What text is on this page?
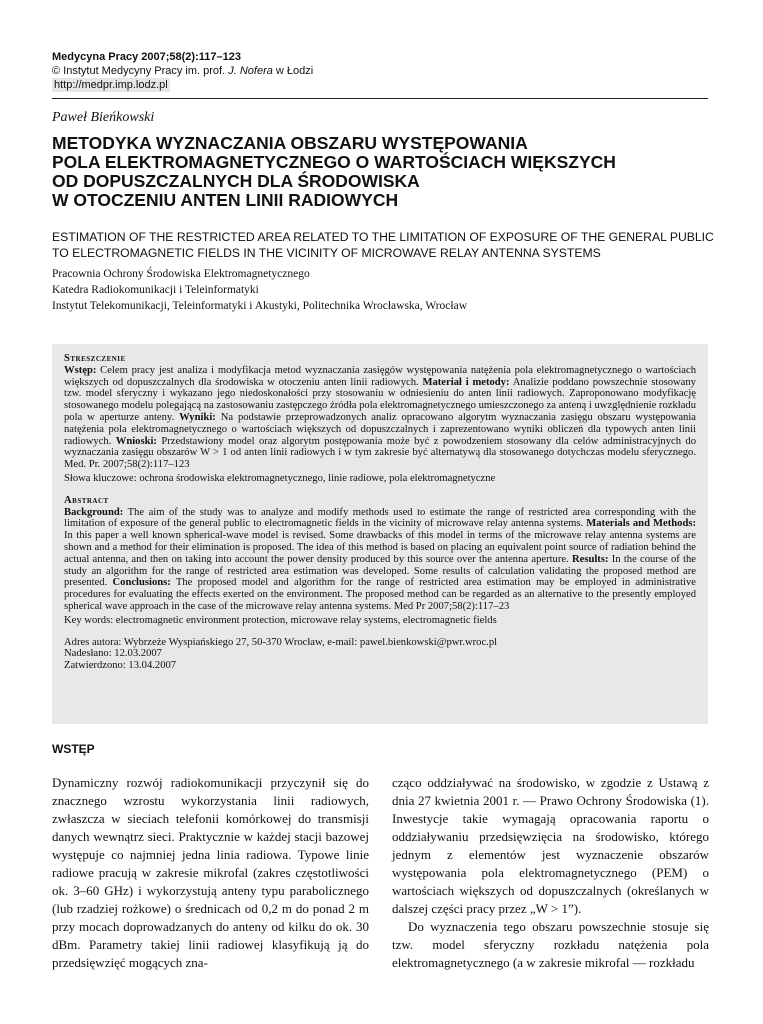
Medycyna Pracy 2007;58(2):117–123
© Instytut Medycyny Pracy im. prof. J. Nofera w Łodzi
http://medpr.imp.lodz.pl
Paweł Bieńkowski
METODYKA WYZNACZANIA OBSZARU WYSTĘPOWANIA
POLA ELEKTROMAGNETYCZNEGO O WARTOŚCIACH WIĘKSZYCH
OD DOPUSZCZALNYCH DLA ŚRODOWISKA
W OTOCZENIU ANTEN LINII RADIOWYCH
ESTIMATION OF THE RESTRICTED AREA RELATED TO THE LIMITATION OF EXPOSURE OF THE GENERAL PUBLIC
TO ELECTROMAGNETIC FIELDS IN THE VICINITY OF MICROWAVE RELAY ANTENNA SYSTEMS
Pracownia Ochrony Środowiska Elektromagnetycznego
Katedra Radiokomunikacji i Teleinformatyki
Instytut Telekomunikacji, Teleinformatyki i Akustyki, Politechnika Wrocławska, Wrocław
Streszczenie
Wstęp: Celem pracy jest analiza i modyfikacja metod wyznaczania zasięgów występowania natężenia pola elektromagnetycznego o wartościach większych od dopuszczalnych dla środowiska w otoczeniu anten linii radiowych. Materiał i metody: Analizie poddano powszechnie stosowany tzw. model sferyczny i wykazano jego niedoskonałości przy stosowaniu w odniesieniu do anten linii radiowych. Zaproponowano modyfikację stosowanego modelu polegającą na zastosowaniu zastępczego źródła pola elektromagnetycznego umieszczonego za anteną i uwzględnienie rozkładu pola w aperturze anteny. Wyniki: Na podstawie przeprowadzonych analiz opracowano algorytm wyznaczania zasięgu obszaru występowania natężenia pola elektromagnetycznego o wartościach większych od dopuszczalnych i zaprezentowano wyniki obliczeń dla typowych anten linii radiowych. Wnioski: Przedstawiony model oraz algorytm postępowania może być z powodzeniem stosowany dla celów administracyjnych do wyznaczania zasięgu obszarów W > 1 od anten linii radiowych i w tym zakresie być alternatywą dla stosowanego dotychczas modelu sferycznego. Med. Pr. 2007;58(2):117–123
Słowa kluczowe: ochrona środowiska elektromagnetycznego, linie radiowe, pola elektromagnetyczne
Abstract
Background: The aim of the study was to analyze and modify methods used to estimate the range of restricted area corresponding with the limitation of exposure of the general public to electromagnetic fields in the vicinity of microwave relay antenna systems. Materials and Methods: In this paper a well known spherical-wave model is revised. Some drawbacks of this model in terms of the microwave relay antenna systems are shown and a method for their elimination is proposed. The idea of this method is based on placing an equivalent point source of radiation behind the actual antenna, and then on taking into account the power density produced by this source over the antenna aperture. Results: In the course of the study an algorithm for the range of restricted area estimation was developed. Some results of calculation validating the proposed method are presented. Conclusions: The proposed model and algorithm for the range of restricted area estimation may be employed in administrative procedures for evaluating the effects exerted on the environment. The proposed method can be regarded as an alternative to the presently employed spherical wave approach in the case of the microwave relay antenna systems. Med Pr 2007;58(2):117–23
Key words: electromagnetic environment protection, microwave relay systems, electromagnetic fields
Adres autora: Wybrzeże Wyspiańskiego 27, 50-370 Wrocław, e-mail: pawel.bienkowski@pwr.wroc.pl
Nadesłano: 12.03.2007
Zatwierdzono: 13.04.2007
WSTĘP

Dynamiczny rozwój radiokomunikacji przyczynił się do znacznego wzrostu wykorzystania linii radiowych, zwłaszcza w sieciach telefonii komórkowej do transmisji danych wewnątrz sieci. Praktycznie w każdej stacji bazowej występuje co najmniej jedna linia radiowa. Typowe linie radiowe pracują w zakresie mikrofal (zakres częstotliwości ok. 3–60 GHz) i wykorzystują anteny typu parabolicznego (lub rzadziej rożkowe) o średnicach od 0,2 m do ponad 2 m przy mocach doprowadzanych do anteny od kilku do ok. 30 dBm. Parametry takiej linii radiowej klasyfikują ją do przedsięwzięć mogących zna-

cząco oddziaływać na środowisko, w zgodzie z Ustawą z dnia 27 kwietnia 2001 r. — Prawo Ochrony Środowiska (1). Inwestycje takie wymagają opracowania raportu o oddziaływaniu przedsięwzięcia na środowisko, którego jednym z elementów jest wyznaczenie obszarów występowania pola elektromagnetycznego (PEM) o wartościach większych od dopuszczalnych (określanych w dalszej części pracy przez „W > 1”).

Do wyznaczenia tego obszaru powszechnie stosuje się tzw. model sferyczny rozkładu natężenia pola elektromagnetycznego (a w zakresie mikrofal — rozkładu
